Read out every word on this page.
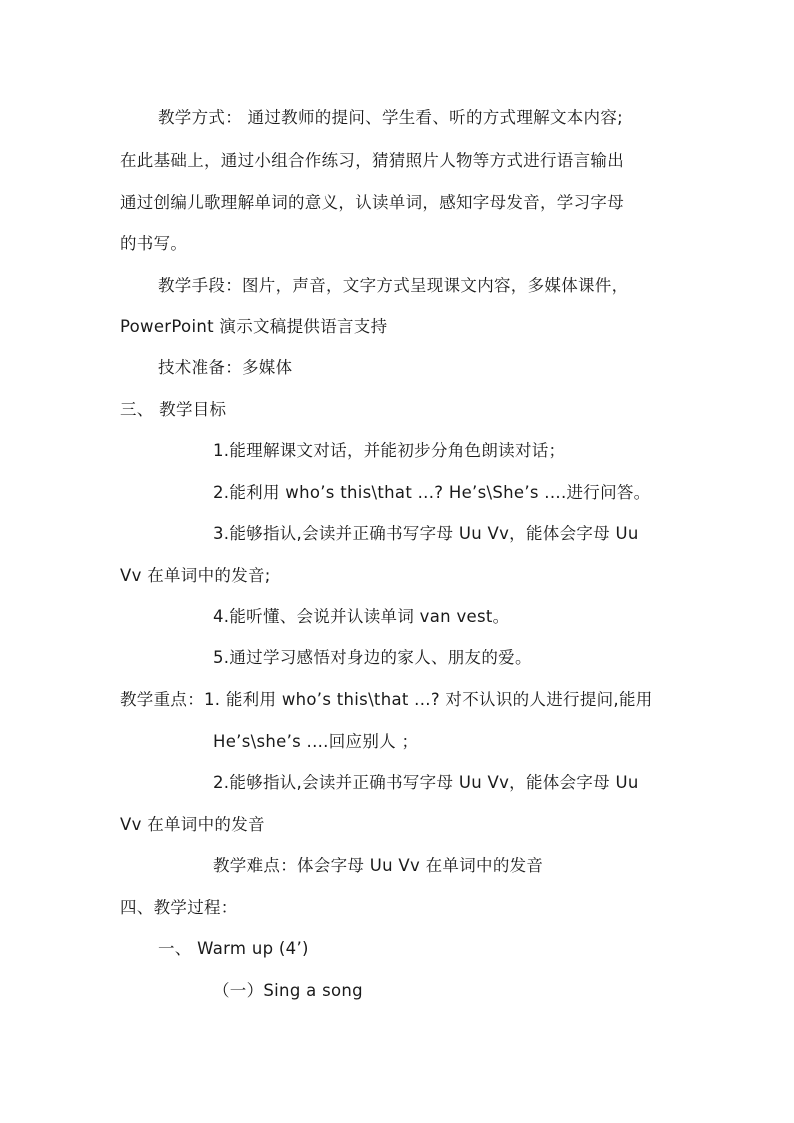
教学方式： 通过教师的提问、学生看、听的方式理解文本内容;
在此基础上，通过小组合作练习，猜猜照片人物等方式进行语言输出
通过创编儿歌理解单词的意义，认读单词，感知字母发音，学习字母
的书写。
教学手段：图片，声音，文字方式呈现课文内容，多媒体课件，
PowerPoint 演示文稿提供语言支持
技术准备：多媒体
三、 教学目标
1.能理解课文对话，并能初步分角色朗读对话；
2.能利用 who’s this\that ...? He’s\She’s ....进行问答。
3.能够指认,会读并正确书写字母 Uu Vv，能体会字母 Uu
Vv 在单词中的发音;
4.能听懂、会说并认读单词 van vest。
5.通过学习感悟对身边的家人、朋友的爱。
教学重点：1. 能利用 who’s this\that ...? 对不认识的人进行提问,能用
He’s\she’s ....回应别人 ；
2.能够指认,会读并正确书写字母 Uu Vv，能体会字母 Uu
Vv 在单词中的发音
教学难点：体会字母 Uu Vv 在单词中的发音
四、教学过程：
一、 Warm up (4’)
（一）Sing a song
